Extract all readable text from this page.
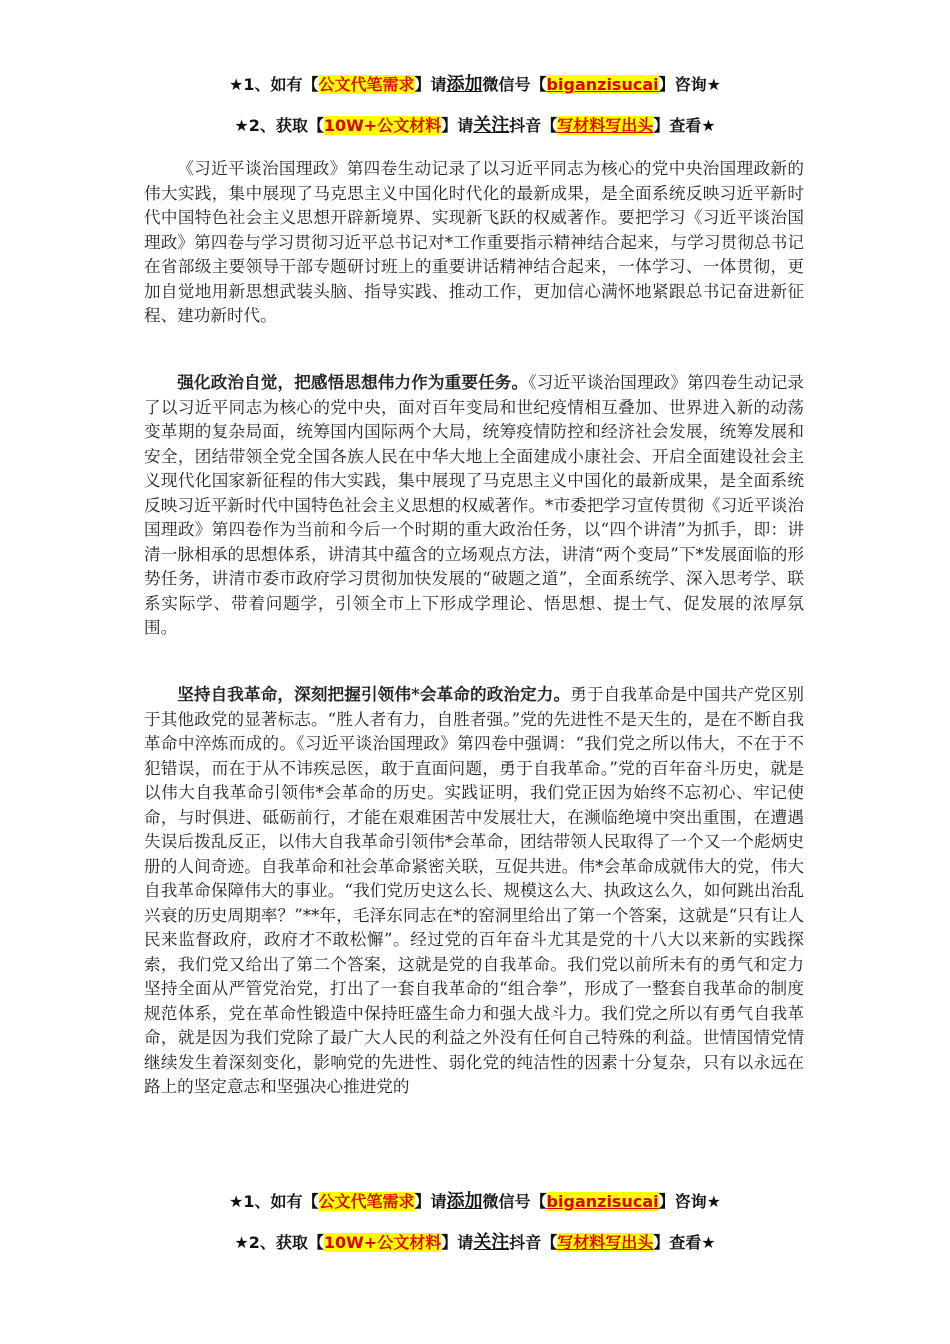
★1、如有【公文代笔需求】请添加微信号【biganzisucai】咨询★
★2、获取【10W+公文材料】请关注抖音【写材料写出头】查看★

《习近平谈治国理政》第四卷生动记录了以习近平同志为核心的党中央治国理政新的伟大实践，集中展现了马克思主义中国化时代化的最新成果，是全面系统反映习近平新时代中国特色社会主义思想开辟新境界、实现新飞跃的权威著作。要把学习《习近平谈治国理政》第四卷与学习贯彻习近平总书记对*工作重要指示精神结合起来，与学习贯彻总书记在省部级主要领导干部专题研讨班上的重要讲话精神结合起来，一体学习、一体贯彻，更加自觉地用新思想武装头脑、指导实践、推动工作，更加信心满怀地紧跟总书记奋进新征程、建功新时代。

强化政治自觉，把感悟思想伟力作为重要任务。《习近平谈治国理政》第四卷生动记录了以习近平同志为核心的党中央，面对百年变局和世纪疫情相互叠加、世界进入新的动荡变革期的复杂局面，统筹国内国际两个大局，统筹疫情防控和经济社会发展，统筹发展和安全，团结带领全党全国各族人民在中华大地上全面建成小康社会、开启全面建设社会主义现代化国家新征程的伟大实践，集中展现了马克思主义中国化的最新成果，是全面系统反映习近平新时代中国特色社会主义思想的权威著作。*市委把学习宣传贯彻《习近平谈治国理政》第四卷作为当前和今后一个时期的重大政治任务，以“四个讲清”为抓手，即：讲清一脉相承的思想体系，讲清其中蕴含的立场观点方法，讲清“两个变局”下*发展面临的形势任务，讲清市委市政府学习贯彻加快发展的“破题之道”，全面系统学、深入思考学、联系实际学、带着问题学，引领全市上下形成学理论、悟思想、提士气、促发展的浓厚氛围。

坚持自我革命，深刻把握引领伟*会革命的政治定力。勇于自我革命是中国共产党区别于其他政党的显著标志。“胜人者有力，自胜者强。”党的先进性不是天生的，是在不断自我革命中淬炼而成的。《习近平谈治国理政》第四卷中强调：“我们党之所以伟大，不在于不犯错误，而在于从不讳疾忌医，敢于直面问题，勇于自我革命。”党的百年奋斗历史，就是以伟大自我革命引领伟*会革命的历史。实践证明，我们党正因为始终不忘初心、牢记使命，与时俱进、砥砺前行，才能在艰难困苦中发展壮大，在濒临绝境中突出重围，在遭遇失误后拨乱反正，以伟大自我革命引领伟*会革命，团结带领人民取得了一个又一个彪炳史册的人间奇迹。自我革命和社会革命紧密关联，互促共进。伟*会革命成就伟大的党，伟大自我革命保障伟大的事业。“我们党历史这么长、规模这么大、执政这么久，如何跳出治乱兴衰的历史周期率？”**年，毛泽东同志在*的窑洞里给出了第一个答案，这就是“只有让人民来监督政府，政府才不敢松懈”。经过党的百年奋斗尤其是党的十八大以来新的实践探索，我们党又给出了第二个答案，这就是党的自我革命。我们党以前所未有的勇气和定力坚持全面从严管党治党，打出了一套自我革命的“组合拳”，形成了一整套自我革命的制度规范体系，党在革命性锻造中保持旺盛生命力和强大战斗力。我们党之所以有勇气自我革命，就是因为我们党除了最广大人民的利益之外没有任何自己特殊的利益。世情国情党情继续发生着深刻变化，影响党的先进性、弱化党的纯洁性的因素十分复杂，只有以永远在路上的坚定意志和坚强决心推进党的

★1、如有【公文代笔需求】请添加微信号【biganzisucai】咨询★
★2、获取【10W+公文材料】请关注抖音【写材料写出头】查看★
